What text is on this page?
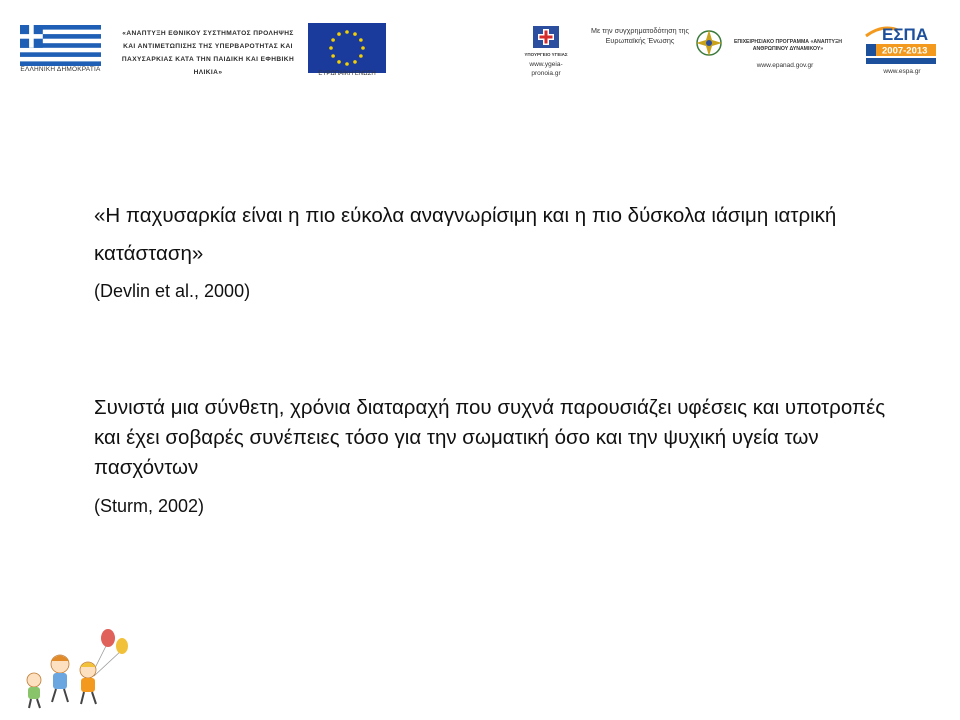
ΕΛΛΗΝΙΚΗ ΔΗΜΟΚΡΑΤΙΑ
«ΑΝΑΠΤΥΞΗ ΕΘΝΙΚΟΥ ΣΥΣΤΗΜΑΤΟΣ ΠΡΟΛΗΨΗΣ ΚΑΙ ΑΝΤΙΜΕΤΩΠΙΣΗΣ ΤΗΣ ΥΠΕΡΒΑΡΟΤΗΤΑΣ ΚΑΙ ΠΑΧΥΣΑΡΚΙΑΣ ΚΑΤΑ ΤΗΝ ΠΑΙΔΙΚΗ ΚΑΙ ΕΦΗΒΙΚΗ ΗΛΙΚΙΑ»	ΕΥΡΩΠΑΪΚΗ ΕΝΩΣΗ
ΥΠΟΥΡΓΕΙΟ ΥΓΕΙΑΣ
www.ygeia-pronoia.gr
Με την συγχρηματοδότηση της Ευρωπαϊκής Ένωσης	ΕΠΙΧΕΙΡΗΣΙΑΚΟ ΠΡΟΓΡΑΜΜΑ «ΑΝΑΠΤΥΞΗ ΑΝΘΡΩΠΙΝΟΥ ΔΥΝΑΜΙΚΟΥ»
www.epanad.gov.gr
ΕΣΠΑ
2007-2013
www.espa.gr
«Η παχυσαρκία είναι η πιο εύκολα αναγνωρίσιμη και η πιο δύσκολα ιάσιμη ιατρική κατάσταση»
(Devlin et al., 2000)
Συνιστά μια σύνθετη, χρόνια διαταραχή που συχνά παρουσιάζει υφέσεις και υποτροπές και έχει σοβαρές συνέπειες τόσο για την σωματική όσο και την ψυχική υγεία των πασχόντων
(Sturm, 2002)
